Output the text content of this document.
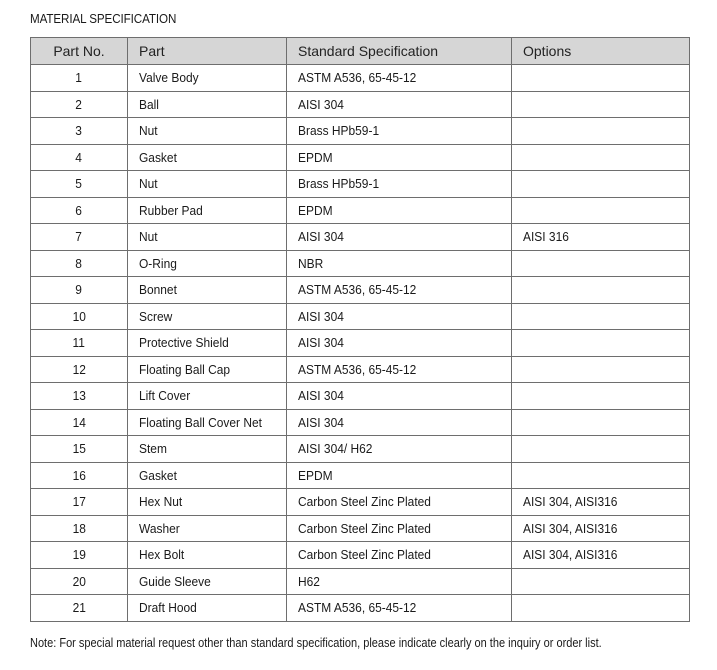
MATERIAL SPECIFICATION
Part No.	Part	Standard Specification	Options
1	Valve Body	ASTM A536, 65-45-12	
2	Ball	AISI 304	
3	Nut	Brass HPb59-1	
4	Gasket	EPDM	
5	Nut	Brass HPb59-1	
6	Rubber Pad	EPDM	
7	Nut	AISI 304	AISI 316
8	O-Ring	NBR	
9	Bonnet	ASTM A536, 65-45-12	
10	Screw	AISI 304	
11	Protective Shield	AISI 304	
12	Floating Ball Cap	ASTM A536, 65-45-12	
13	Lift Cover	AISI 304	
14	Floating Ball Cover Net	AISI 304	
15	Stem	AISI 304/ H62	
16	Gasket	EPDM	
17	Hex Nut	Carbon Steel Zinc Plated	AISI 304, AISI316
18	Washer	Carbon Steel Zinc Plated	AISI 304, AISI316
19	Hex Bolt	Carbon Steel Zinc Plated	AISI 304, AISI316
20	Guide Sleeve	H62	
21	Draft Hood	ASTM A536, 65-45-12	
Note: For special material request other than standard specification, please indicate clearly on the inquiry or order list.
